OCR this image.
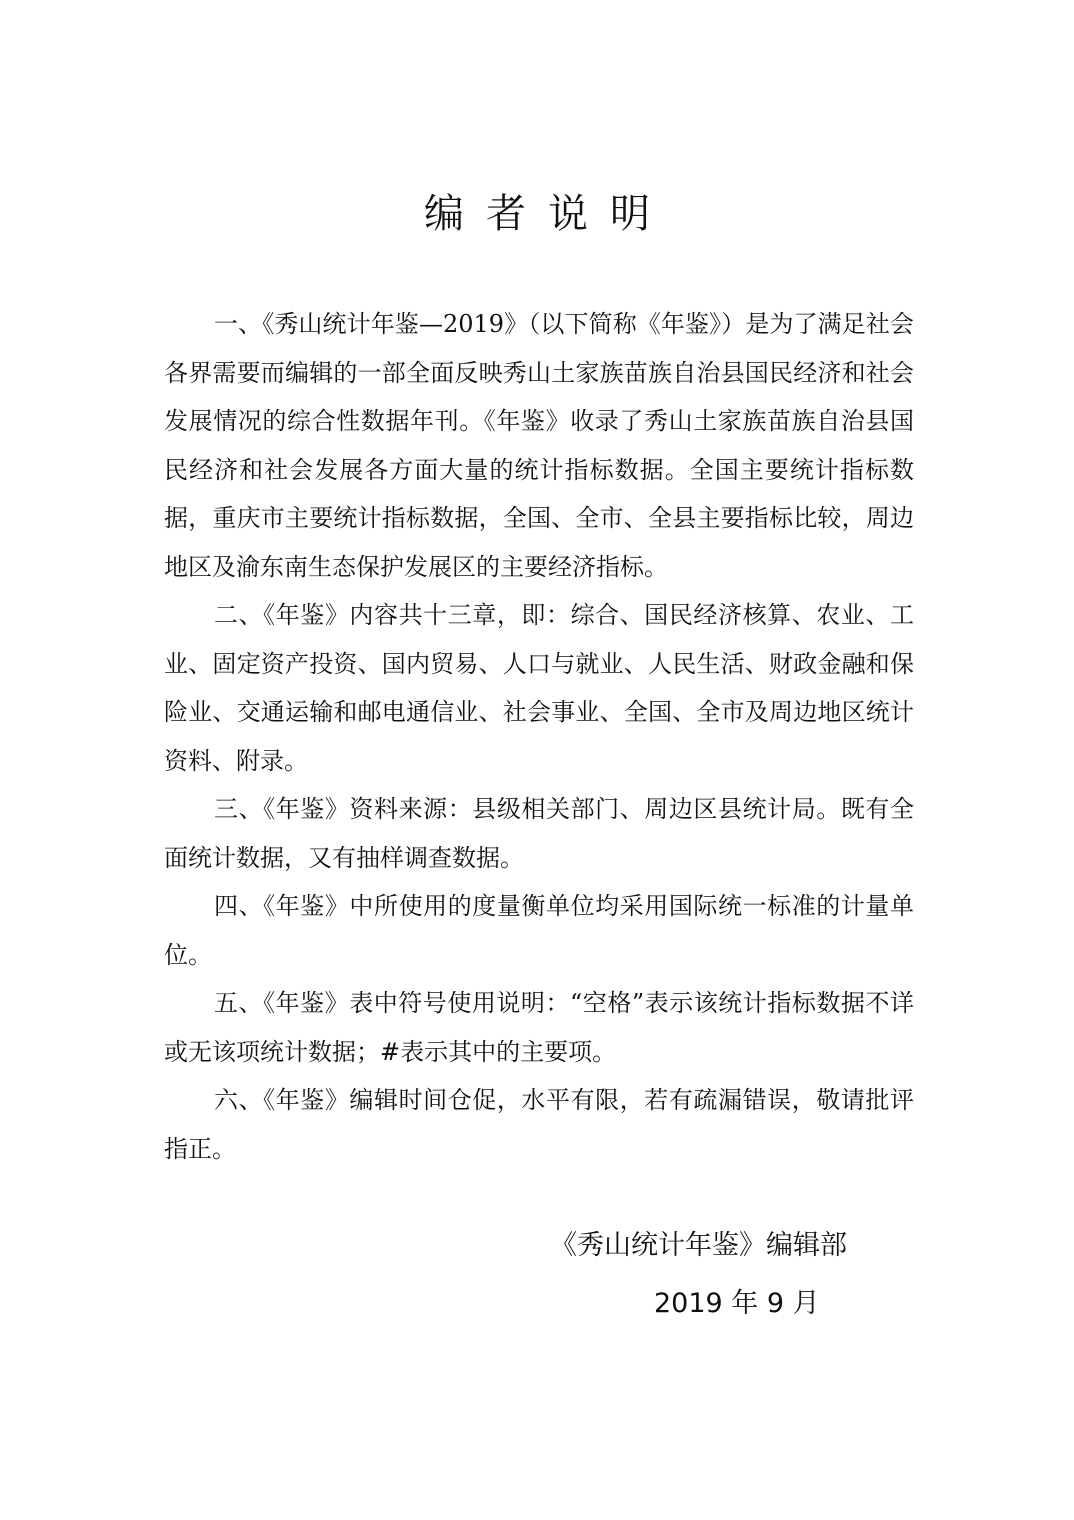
编者说明

一、《秀山统计年鉴—2019》（以下简称《年鉴》）是为了满足社会各界需要而编辑的一部全面反映秀山土家族苗族自治县国民经济和社会发展情况的综合性数据年刊。《年鉴》收录了秀山土家族苗族自治县国民经济和社会发展各方面大量的统计指标数据。全国主要统计指标数据，重庆市主要统计指标数据，全国、全市、全县主要指标比较，周边地区及渝东南生态保护发展区的主要经济指标。

二、《年鉴》内容共十三章，即：综合、国民经济核算、农业、工业、固定资产投资、国内贸易、人口与就业、人民生活、财政金融和保险业、交通运输和邮电通信业、社会事业、全国、全市及周边地区统计资料、附录。

三、《年鉴》资料来源：县级相关部门、周边区县统计局。既有全面统计数据，又有抽样调查数据。

四、《年鉴》中所使用的度量衡单位均采用国际统一标准的计量单位。

五、《年鉴》表中符号使用说明：“空格”表示该统计指标数据不详或无该项统计数据；#表示其中的主要项。

六、《年鉴》编辑时间仓促，水平有限，若有疏漏错误，敬请批评指正。

《秀山统计年鉴》编辑部
2019 年 9 月
